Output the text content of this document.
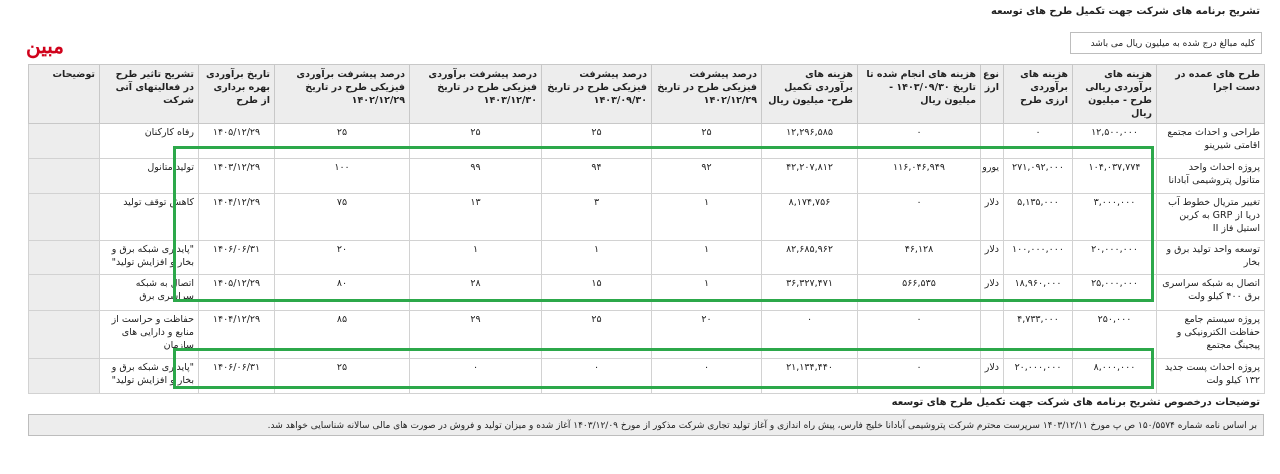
تشریح برنامه های شرکت جهت تکمیل طرح های توسعه
کلیه مبالغ درج شده به میلیون ریال می باشد
مبین
طرح های عمده در دست اجرا	هزینه های برآوردی ریالی طرح - میلیون ریال	هزینه های برآوردی ارزی طرح	نوع ارز	هزینه های انجام شده تا تاریخ ۱۴۰۳/۰۹/۳۰ - میلیون ریال	هزینه های برآوردی تکمیل طرح- میلیون ریال	درصد پیشرفت فیزیکی طرح در تاریخ ۱۴۰۲/۱۲/۲۹	درصد پیشرفت فیزیکی طرح در تاریخ ۱۴۰۳/۰۹/۳۰	درصد پیشرفت برآوردی فیزیکی طرح در تاریخ ۱۴۰۳/۱۲/۳۰	درصد پیشرفت برآوردی فیزیکی طرح در تاریخ ۱۴۰۲/۱۲/۲۹	تاریخ برآوردی بهره برداری از طرح	تشریح تاثیر طرح در فعالیتهای آتی شرکت	توضیحات
طراحی و احداث مجتمع اقامتی شیرینو	۱۲,۵۰۰,۰۰۰	۰		۰	۱۲,۲۹۶,۵۸۵	۲۵	۲۵	۲۵	۲۵	۱۴۰۵/۱۲/۲۹	رفاه کارکنان	
پروژه احداث واحد متانول پتروشیمی آبادانا	۱۰۴,۰۳۷,۷۷۴	۲۷۱,۰۹۲,۰۰۰	یورو	۱۱۶,۰۴۶,۹۴۹	۴۲,۲۰۷,۸۱۲	۹۲	۹۴	۹۹	۱۰۰	۱۴۰۳/۱۲/۲۹	تولید متانول	
تغییر متریال خطوط آب دریا از GRP به کربن استیل فاز II	۳,۰۰۰,۰۰۰	۵,۱۳۵,۰۰۰	دلار	۰	۸,۱۷۴,۷۵۶	۱	۳	۱۳	۷۵	۱۴۰۴/۱۲/۲۹	کاهش توقف تولید	
توسعه واحد تولید برق و بخار	۲۰,۰۰۰,۰۰۰	۱۰۰,۰۰۰,۰۰۰	دلار	۴۶,۱۲۸	۸۲,۶۸۵,۹۶۲	۱	۱	۱	۲۰	۱۴۰۶/۰۶/۳۱	"پایداری شبکه برق و بخار و افزایش تولید"	
اتصال به شبکه سراسری برق ۴۰۰ کیلو ولت	۲۵,۰۰۰,۰۰۰	۱۸,۹۶۰,۰۰۰	دلار	۵۶۶,۵۳۵	۳۶,۳۲۷,۴۷۱	۱	۱۵	۲۸	۸۰	۱۴۰۵/۱۲/۲۹	اتصال به شبکه سراسری برق	
پروژه سیستم جامع حفاظت الکترونیکی و پیجینگ مجتمع	۲۵۰,۰۰۰	۴,۷۳۳,۰۰۰		۰	۰	۲۰	۲۵	۲۹	۸۵	۱۴۰۴/۱۲/۲۹	حفاظت و حراست از منابع و دارایی های سازمان	
پروژه احداث پست جدید ۱۳۲ کیلو ولت	۸,۰۰۰,۰۰۰	۲۰,۰۰۰,۰۰۰	دلار	۰	۲۱,۱۳۴,۴۴۰	۰	۰	۰	۲۵	۱۴۰۶/۰۶/۳۱	"پایداری شبکه برق و بخار و افزایش تولید"	
توضیحات درخصوص تشریح برنامه های شرکت جهت تکمیل طرح های توسعه
بر اساس نامه شماره ۱۵۰/۵۵۷۴ ص پ مورخ ۱۴۰۳/۱۲/۱۱ سرپرست محترم شرکت پتروشیمی آبادانا خلیج فارس، پیش راه اندازی و آغاز تولید تجاری شرکت مذکور از مورخ ۱۴۰۳/۱۲/۰۹ آغاز شده و میزان تولید و فروش در صورت های مالی سالانه شناسایی خواهد شد.
